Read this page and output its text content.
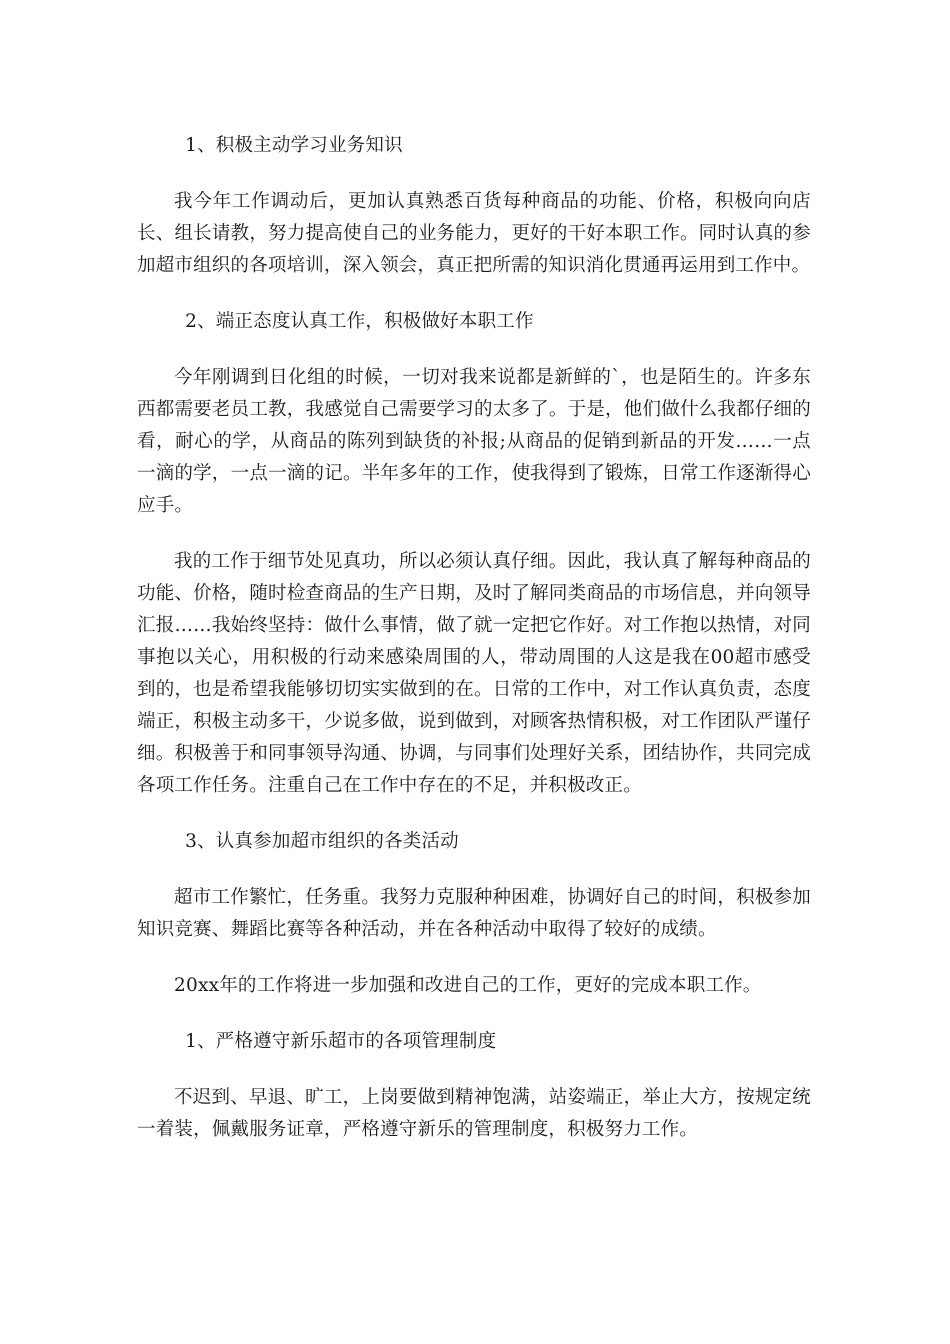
1、积极主动学习业务知识
我今年工作调动后，更加认真熟悉百货每种商品的功能、价格，积极向向店长、组长请教，努力提高使自己的业务能力，更好的干好本职工作。同时认真的参加超市组织的各项培训，深入领会，真正把所需的知识消化贯通再运用到工作中。
2、端正态度认真工作，积极做好本职工作
今年刚调到日化组的时候，一切对我来说都是新鲜的`，也是陌生的。许多东西都需要老员工教，我感觉自己需要学习的太多了。于是，他们做什么我都仔细的看，耐心的学，从商品的陈列到缺货的补报;从商品的促销到新品的开发……一点一滴的学，一点一滴的记。半年多年的工作，使我得到了锻炼，日常工作逐渐得心应手。
我的工作于细节处见真功，所以必须认真仔细。因此，我认真了解每种商品的功能、价格，随时检查商品的生产日期，及时了解同类商品的市场信息，并向领导汇报……我始终坚持：做什么事情，做了就一定把它作好。对工作抱以热情，对同事抱以关心，用积极的行动来感染周围的人，带动周围的人这是我在00超市感受到的，也是希望我能够切切实实做到的在。日常的工作中，对工作认真负责，态度端正，积极主动多干，少说多做，说到做到，对顾客热情积极，对工作团队严谨仔细。积极善于和同事领导沟通、协调，与同事们处理好关系，团结协作，共同完成各项工作任务。注重自己在工作中存在的不足，并积极改正。
3、认真参加超市组织的各类活动
超市工作繁忙，任务重。我努力克服种种困难，协调好自己的时间，积极参加知识竞赛、舞蹈比赛等各种活动，并在各种活动中取得了较好的成绩。
20xx年的工作将进一步加强和改进自己的工作，更好的完成本职工作。
1、严格遵守新乐超市的各项管理制度
不迟到、早退、旷工，上岗要做到精神饱满，站姿端正，举止大方，按规定统一着装，佩戴服务证章，严格遵守新乐的管理制度，积极努力工作。
